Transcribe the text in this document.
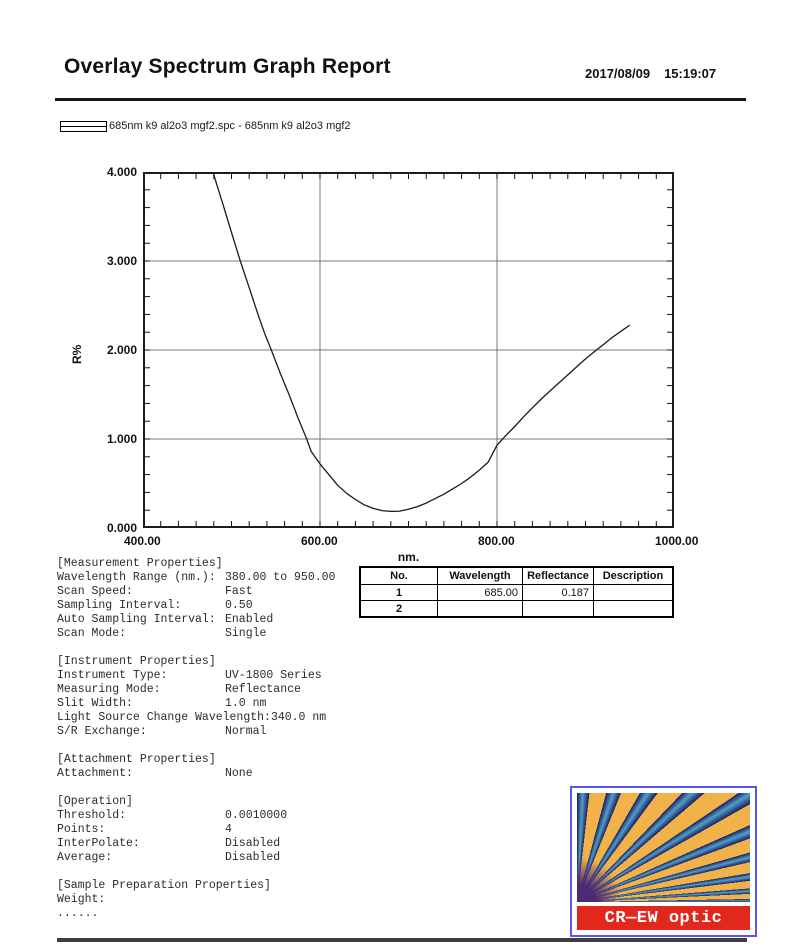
Overlay Spectrum Graph Report	2017/08/09 15:19:07
685nm k9 al2o3 mgf2.spc - 685nm k9 al2o3 mgf2
0.000
1.000
2.000
3.000
4.000
400.00	600.00	800.00	1000.00
nm.
R%
No.	Wavelength	Reflectance	Description
1	685.00	0.187	
2			
[Measurement Properties]
Wavelength Range (nm.): 380.00 to 950.00
Scan Speed:	Fast
Sampling Interval:	0.50
Auto Sampling Interval: Enabled
Scan Mode:	Single
[Instrument Properties]
Instrument Type:	UV-1800 Series
Measuring Mode:	Reflectance
Slit Width:	1.0 nm
Light Source Change Wavelength: 340.0 nm
S/R Exchange:	Normal
[Attachment Properties]
Attachment:	None
[Operation]
Threshold:	0.0010000
Points:	4
InterPolate:	Disabled
Average:	Disabled
[Sample Preparation Properties]
Weight:
......	CR—EW optic
